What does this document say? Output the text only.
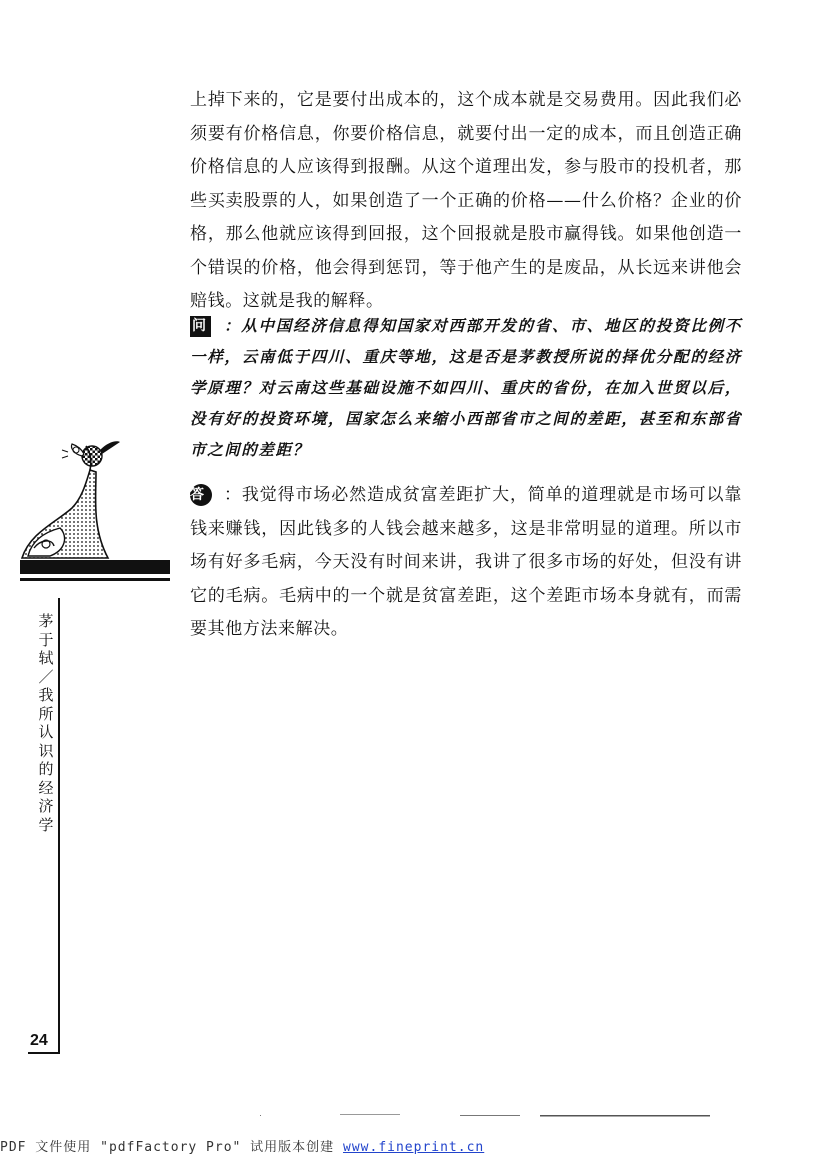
上掉下来的，它是要付出成本的，这个成本就是交易费用。因此我们必须要有价格信息，你要价格信息，就要付出一定的成本，而且创造正确价格信息的人应该得到报酬。从这个道理出发，参与股市的投机者，那些买卖股票的人，如果创造了一个正确的价格——什么价格？企业的价格，那么他就应该得到回报，这个回报就是股市赢得钱。如果他创造一个错误的价格，他会得到惩罚，等于他产生的是废品，从长远来讲他会赔钱。这就是我的解释。

问	：从中国经济信息得知国家对西部开发的省、市、地区的投资比例不一样，云南低于四川、重庆等地，这是否是茅教授所说的择优分配的经济学原理？对云南这些基础设施不如四川、重庆的省份，在加入世贸以后，没有好的投资环境，国家怎么来缩小西部省市之间的差距，甚至和东部省市之间的差距？

答	：我觉得市场必然造成贫富差距扩大，简单的道理就是市场可以靠钱来赚钱，因此钱多的人钱会越来越多，这是非常明显的道理。所以市场有好多毛病，今天没有时间来讲，我讲了很多市场的好处，但没有讲它的毛病。毛病中的一个就是贫富差距，这个差距市场本身就有，而需要其他方法来解决。

茅于轼／我所认识的经济学
24
PDF 文件使用 "pdfFactory Pro" 试用版本创建 www.fineprint.cn
